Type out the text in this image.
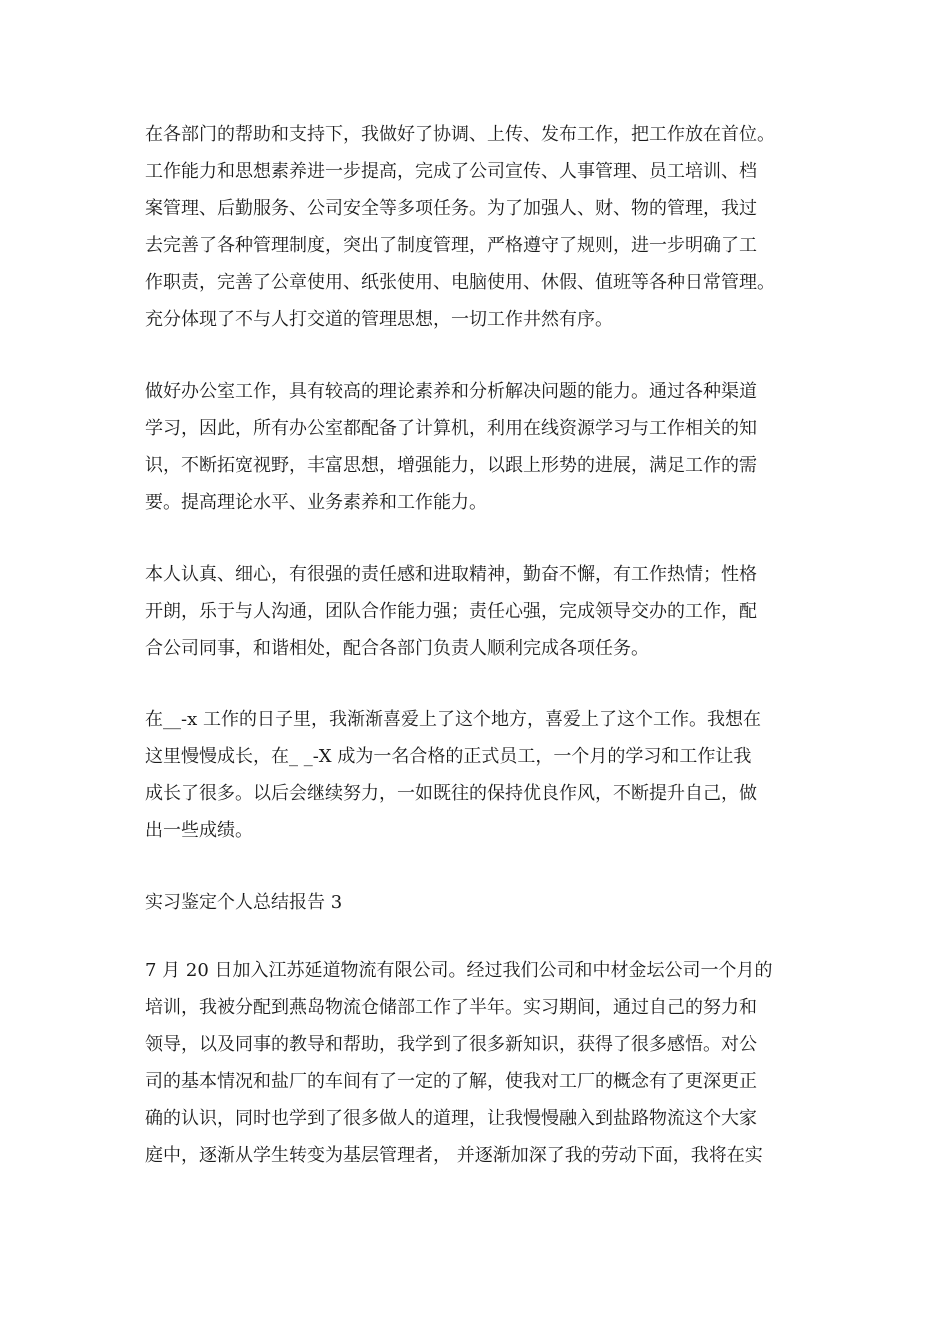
在各部门的帮助和支持下，我做好了协调、上传、发布工作，把工作放在首位。
工作能力和思想素养进一步提高，完成了公司宣传、人事管理、员工培训、档
案管理、后勤服务、公司安全等多项任务。为了加强人、财、物的管理，我过
去完善了各种管理制度，突出了制度管理，严格遵守了规则，进一步明确了工
作职责，完善了公章使用、纸张使用、电脑使用、休假、值班等各种日常管理。
充分体现了不与人打交道的管理思想，一切工作井然有序。
做好办公室工作，具有较高的理论素养和分析解决问题的能力。通过各种渠道
学习，因此，所有办公室都配备了计算机，利用在线资源学习与工作相关的知
识，不断拓宽视野，丰富思想，增强能力，以跟上形势的进展，满足工作的需
要。提高理论水平、业务素养和工作能力。
本人认真、细心，有很强的责任感和进取精神，勤奋不懈，有工作热情；性格
开朗，乐于与人沟通，团队合作能力强；责任心强，完成领导交办的工作，配
合公司同事，和谐相处，配合各部门负责人顺利完成各项任务。
在__-x 工作的日子里，我渐渐喜爱上了这个地方，喜爱上了这个工作。我想在
这里慢慢成长，在_ _-X 成为一名合格的正式员工，一个月的学习和工作让我
成长了很多。以后会继续努力，一如既往的保持优良作风，不断提升自己，做
出一些成绩。
实习鉴定个人总结报告 3
7 月 20 日加入江苏延道物流有限公司。经过我们公司和中材金坛公司一个月的
培训，我被分配到燕岛物流仓储部工作了半年。实习期间，通过自己的努力和
领导，以及同事的教导和帮助，我学到了很多新知识，获得了很多感悟。对公
司的基本情况和盐厂的车间有了一定的了解，使我对工厂的概念有了更深更正
确的认识，同时也学到了很多做人的道理，让我慢慢融入到盐路物流这个大家
庭中，逐渐从学生转变为基层管理者， 并逐渐加深了我的劳动下面，我将在实
